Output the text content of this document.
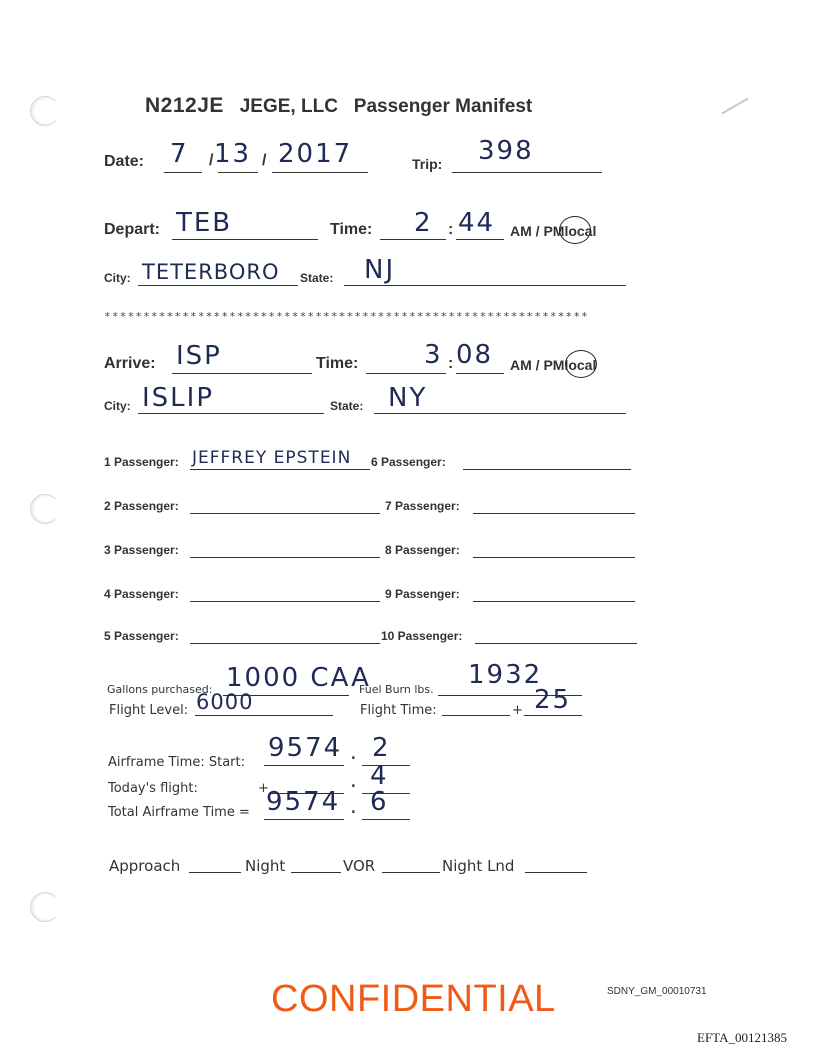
N212JE JEGE, LLC Passenger Manifest
Date: 7 / 13 / 2017	Trip: 398
Depart: TEB	Time: 2 : 44 AM / PMlocal
City: TETERBORO State: NJ
**************************************************************
Arrive: ISP	Time:	3 : 08 AM / PMlocal
City: ISLIP	State: NY
1 Passenger: JEFFREY EPSTEIN
2 Passenger:
3 Passenger:
4 Passenger:
5 Passenger:
6 Passenger:
7 Passenger:
8 Passenger:
9 Passenger:
10 Passenger:
Gallons purchased: 1000 CAA
Fuel Burn lbs. 1932
Flight Level: 6000	Flight Time:	+ 25
Airframe Time: Start: 9574 . 2
Today's flight:	+	. 4
Total Airframe Time = 9574 . 6
Approach	Night	VOR	Night Lnd
CONFIDENTIAL	SDNY_GM_00010731
EFTA_00121385
